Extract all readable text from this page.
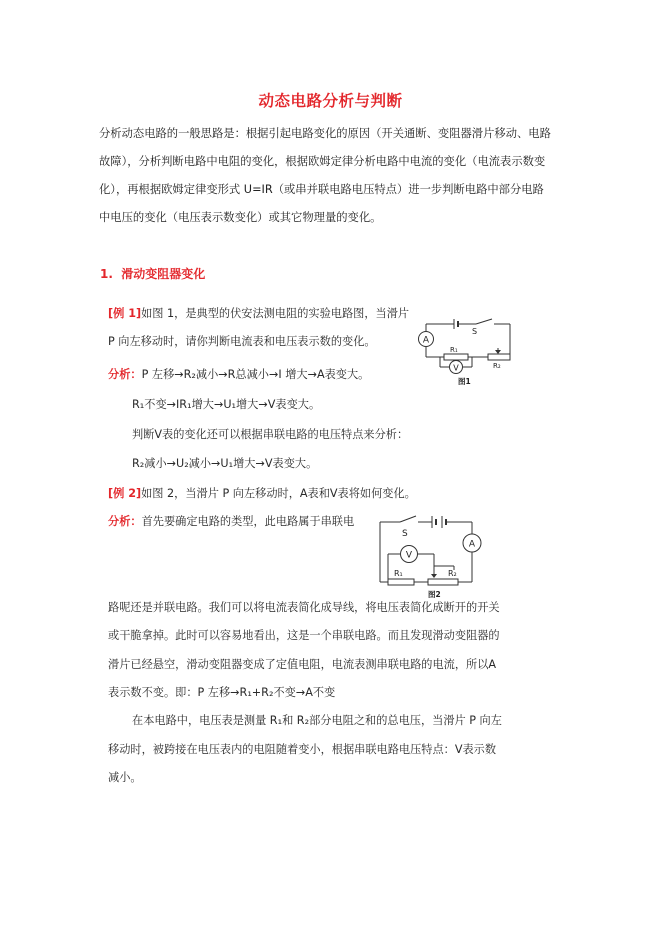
动态电路分析与判断
分析动态电路的一般思路是：根据引起电路变化的原因（开关通断、变阻器滑片移动、电路
故障），分析判断电路中电阻的变化，根据欧姆定律分析电路中电流的变化（电流表示数变
化），再根据欧姆定律变形式 U=IR（或串并联电路电压特点）进一步判断电路中部分电路
中电压的变化（电压表示数变化）或其它物理量的变化。
1. 滑动变阻器变化
[例 1]如图 1，是典型的伏安法测电阻的实验电路图，当滑片
P 向左移动时，请你判断电流表和电压表示数的变化。
分析：P 左移→R₂减小→R总减小→I 增大→A表变大。
R₁不变→IR₁增大→U₁增大→V表变大。
判断V表的变化还可以根据串联电路的电压特点来分析：
R₂减小→U₂减小→U₁增大→V表变大。
A
V
S
R₁
R₂
图1
[例 2]如图 2，当滑片 P 向左移动时，A表和V表将如何变化。
分析：首先要确定电路的类型，此电路属于串联电
V
A
S
R₁	R₂
图2
路呢还是并联电路。我们可以将电流表简化成导线，将电压表简化成断开的开关
或干脆拿掉。此时可以容易地看出，这是一个串联电路。而且发现滑动变阻器的
滑片已经悬空，滑动变阻器变成了定值电阻，电流表测串联电路的电流，所以A
表示数不变。即：P 左移→R₁+R₂不变→A不变
在本电路中，电压表是测量 R₁和 R₂部分电阻之和的总电压，当滑片 P 向左
移动时，被跨接在电压表内的电阻随着变小，根据串联电路电压特点：V表示数
减小。
